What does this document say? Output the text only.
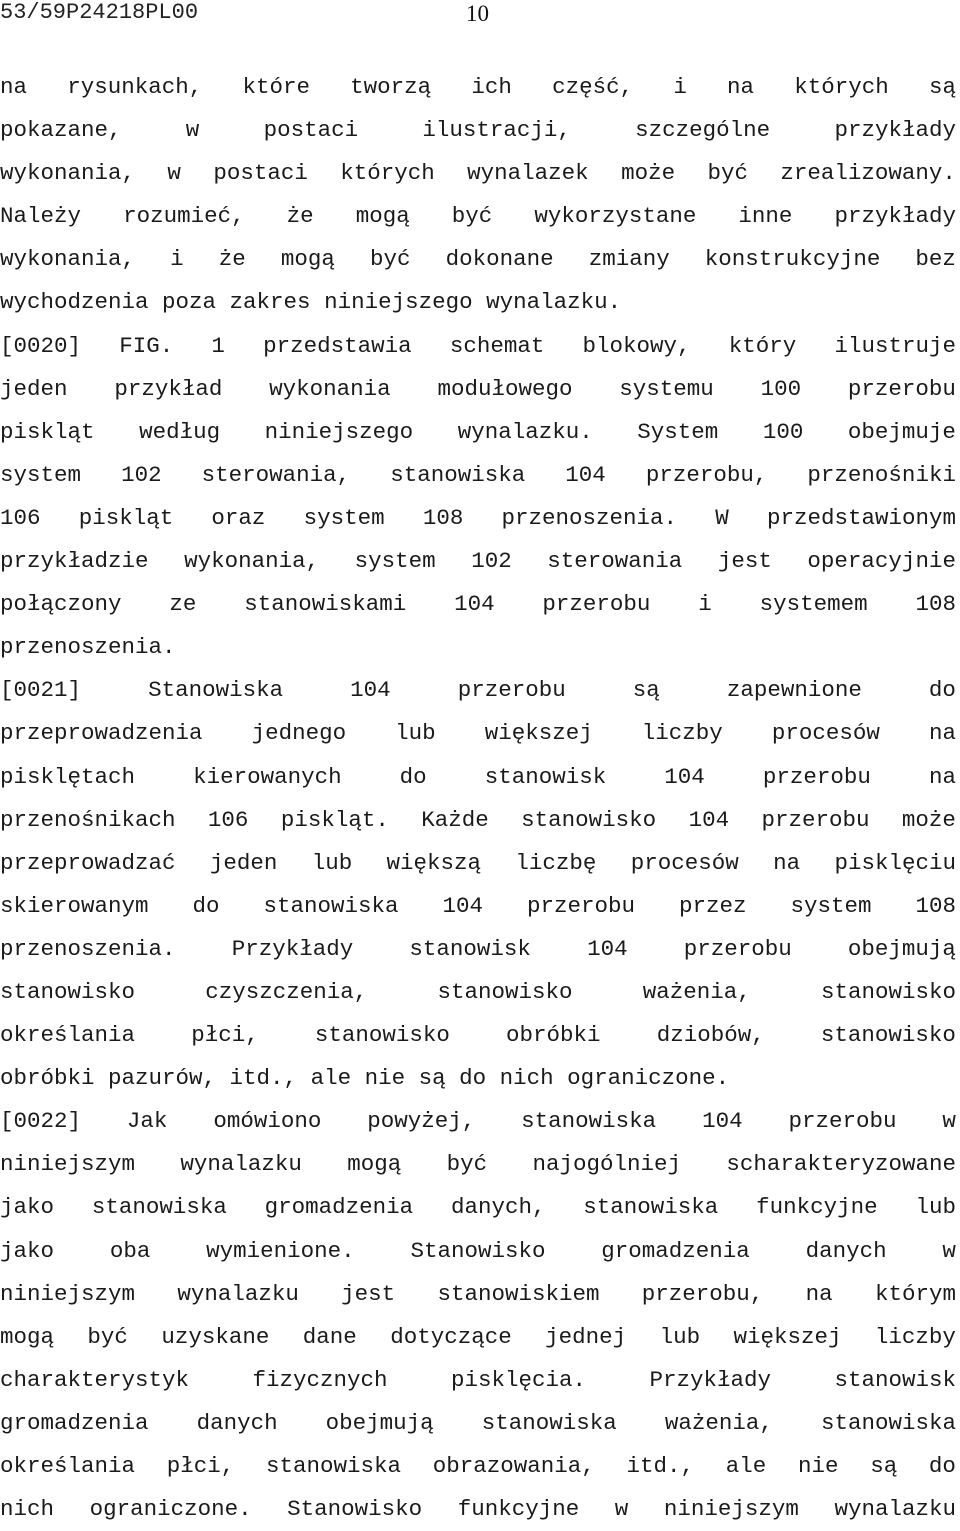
53/59P24218PL00	10
na rysunkach, które tworzą ich część, i na których są
pokazane,	w	postaci	ilustracji,	szczególne	przykłady
wykonania, w postaci których wynalazek może być zrealizowany.
Należy rozumieć, że mogą być wykorzystane inne przykłady
wykonania, i że mogą być dokonane zmiany konstrukcyjne bez
wychodzenia poza zakres niniejszego wynalazku.
[0020] FIG. 1 przedstawia schemat blokowy, który ilustruje
jeden przykład wykonania modułowego systemu 100 przerobu
piskląt według niniejszego wynalazku. System 100 obejmuje
system 102 sterowania, stanowiska 104 przerobu, przenośniki
106 piskląt oraz system 108 przenoszenia. W przedstawionym
przykładzie wykonania, system 102 sterowania jest operacyjnie
połączony ze stanowiskami 104 przerobu i systemem 108
przenoszenia.
[0021]	Stanowiska	104	przerobu	są	zapewnione	do
przeprowadzenia jednego lub większej liczby procesów na
pisklętach	kierowanych	do	stanowisk	104	przerobu	na
przenośnikach 106 piskląt. Każde stanowisko 104 przerobu może
przeprowadzać jeden lub większą liczbę procesów na pisklęciu
skierowanym do stanowiska 104 przerobu przez system 108
przenoszenia. Przykłady stanowisk 104 przerobu obejmują
stanowisko	czyszczenia,	stanowisko	ważenia,	stanowisko
określania płci, stanowisko obróbki dziobów, stanowisko
obróbki pazurów, itd., ale nie są do nich ograniczone.
[0022] Jak omówiono powyżej, stanowiska 104 przerobu w
niniejszym wynalazku mogą być najogólniej scharakteryzowane
jako stanowiska gromadzenia danych, stanowiska funkcyjne lub
jako oba wymienione. Stanowisko gromadzenia danych w
niniejszym wynalazku jest stanowiskiem przerobu, na którym
mogą być uzyskane dane dotyczące jednej lub większej liczby
charakterystyk	fizycznych	pisklęcia.	Przykłady	stanowisk
gromadzenia danych obejmują stanowiska ważenia, stanowiska
określania płci, stanowiska obrazowania, itd., ale nie są do
nich ograniczone. Stanowisko funkcyjne w niniejszym wynalazku
